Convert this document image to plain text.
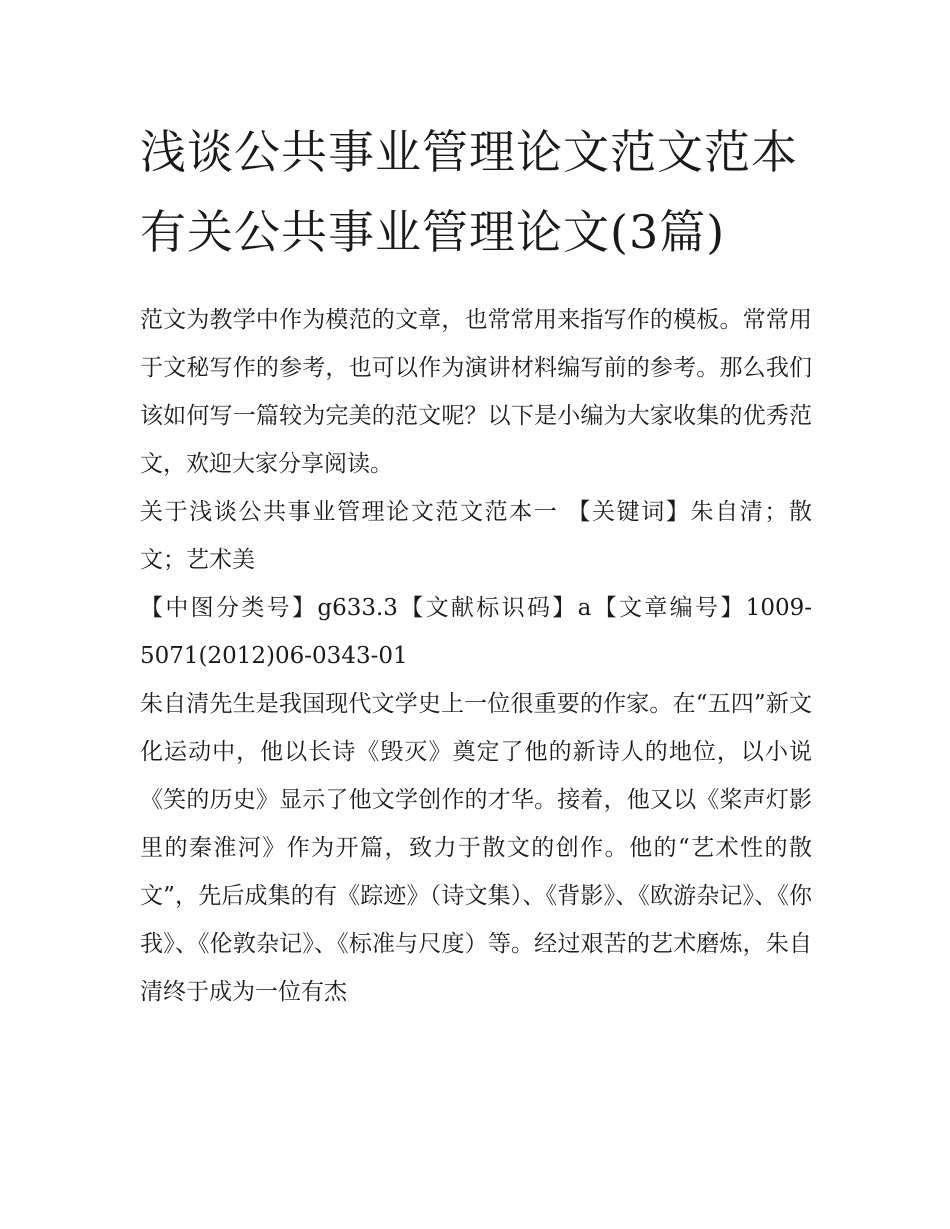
浅谈公共事业管理论文范文范本 有关公共事业管理论文(3篇)

范文为教学中作为模范的文章，也常常用来指写作的模板。常常用于文秘写作的参考，也可以作为演讲材料编写前的参考。那么我们该如何写一篇较为完美的范文呢？以下是小编为大家收集的优秀范文，欢迎大家分享阅读。

关于浅谈公共事业管理论文范文范本一 【关键词】朱自清；散文；艺术美

【中图分类号】g633.3【文献标识码】a【文章编号】1009-5071(2012)06-0343-01

朱自清先生是我国现代文学史上一位很重要的作家。在“五四”新文化运动中，他以长诗《毁灭》奠定了他的新诗人的地位，以小说《笑的历史》显示了他文学创作的才华。接着，他又以《桨声灯影里的秦淮河》作为开篇，致力于散文的创作。他的“艺术性的散文”，先后成集的有《踪迹》（诗文集）、《背影》、《欧游杂记》、《你我》、《伦敦杂记》、《标准与尺度）等。经过艰苦的艺术磨炼，朱自清终于成为一位有杰
